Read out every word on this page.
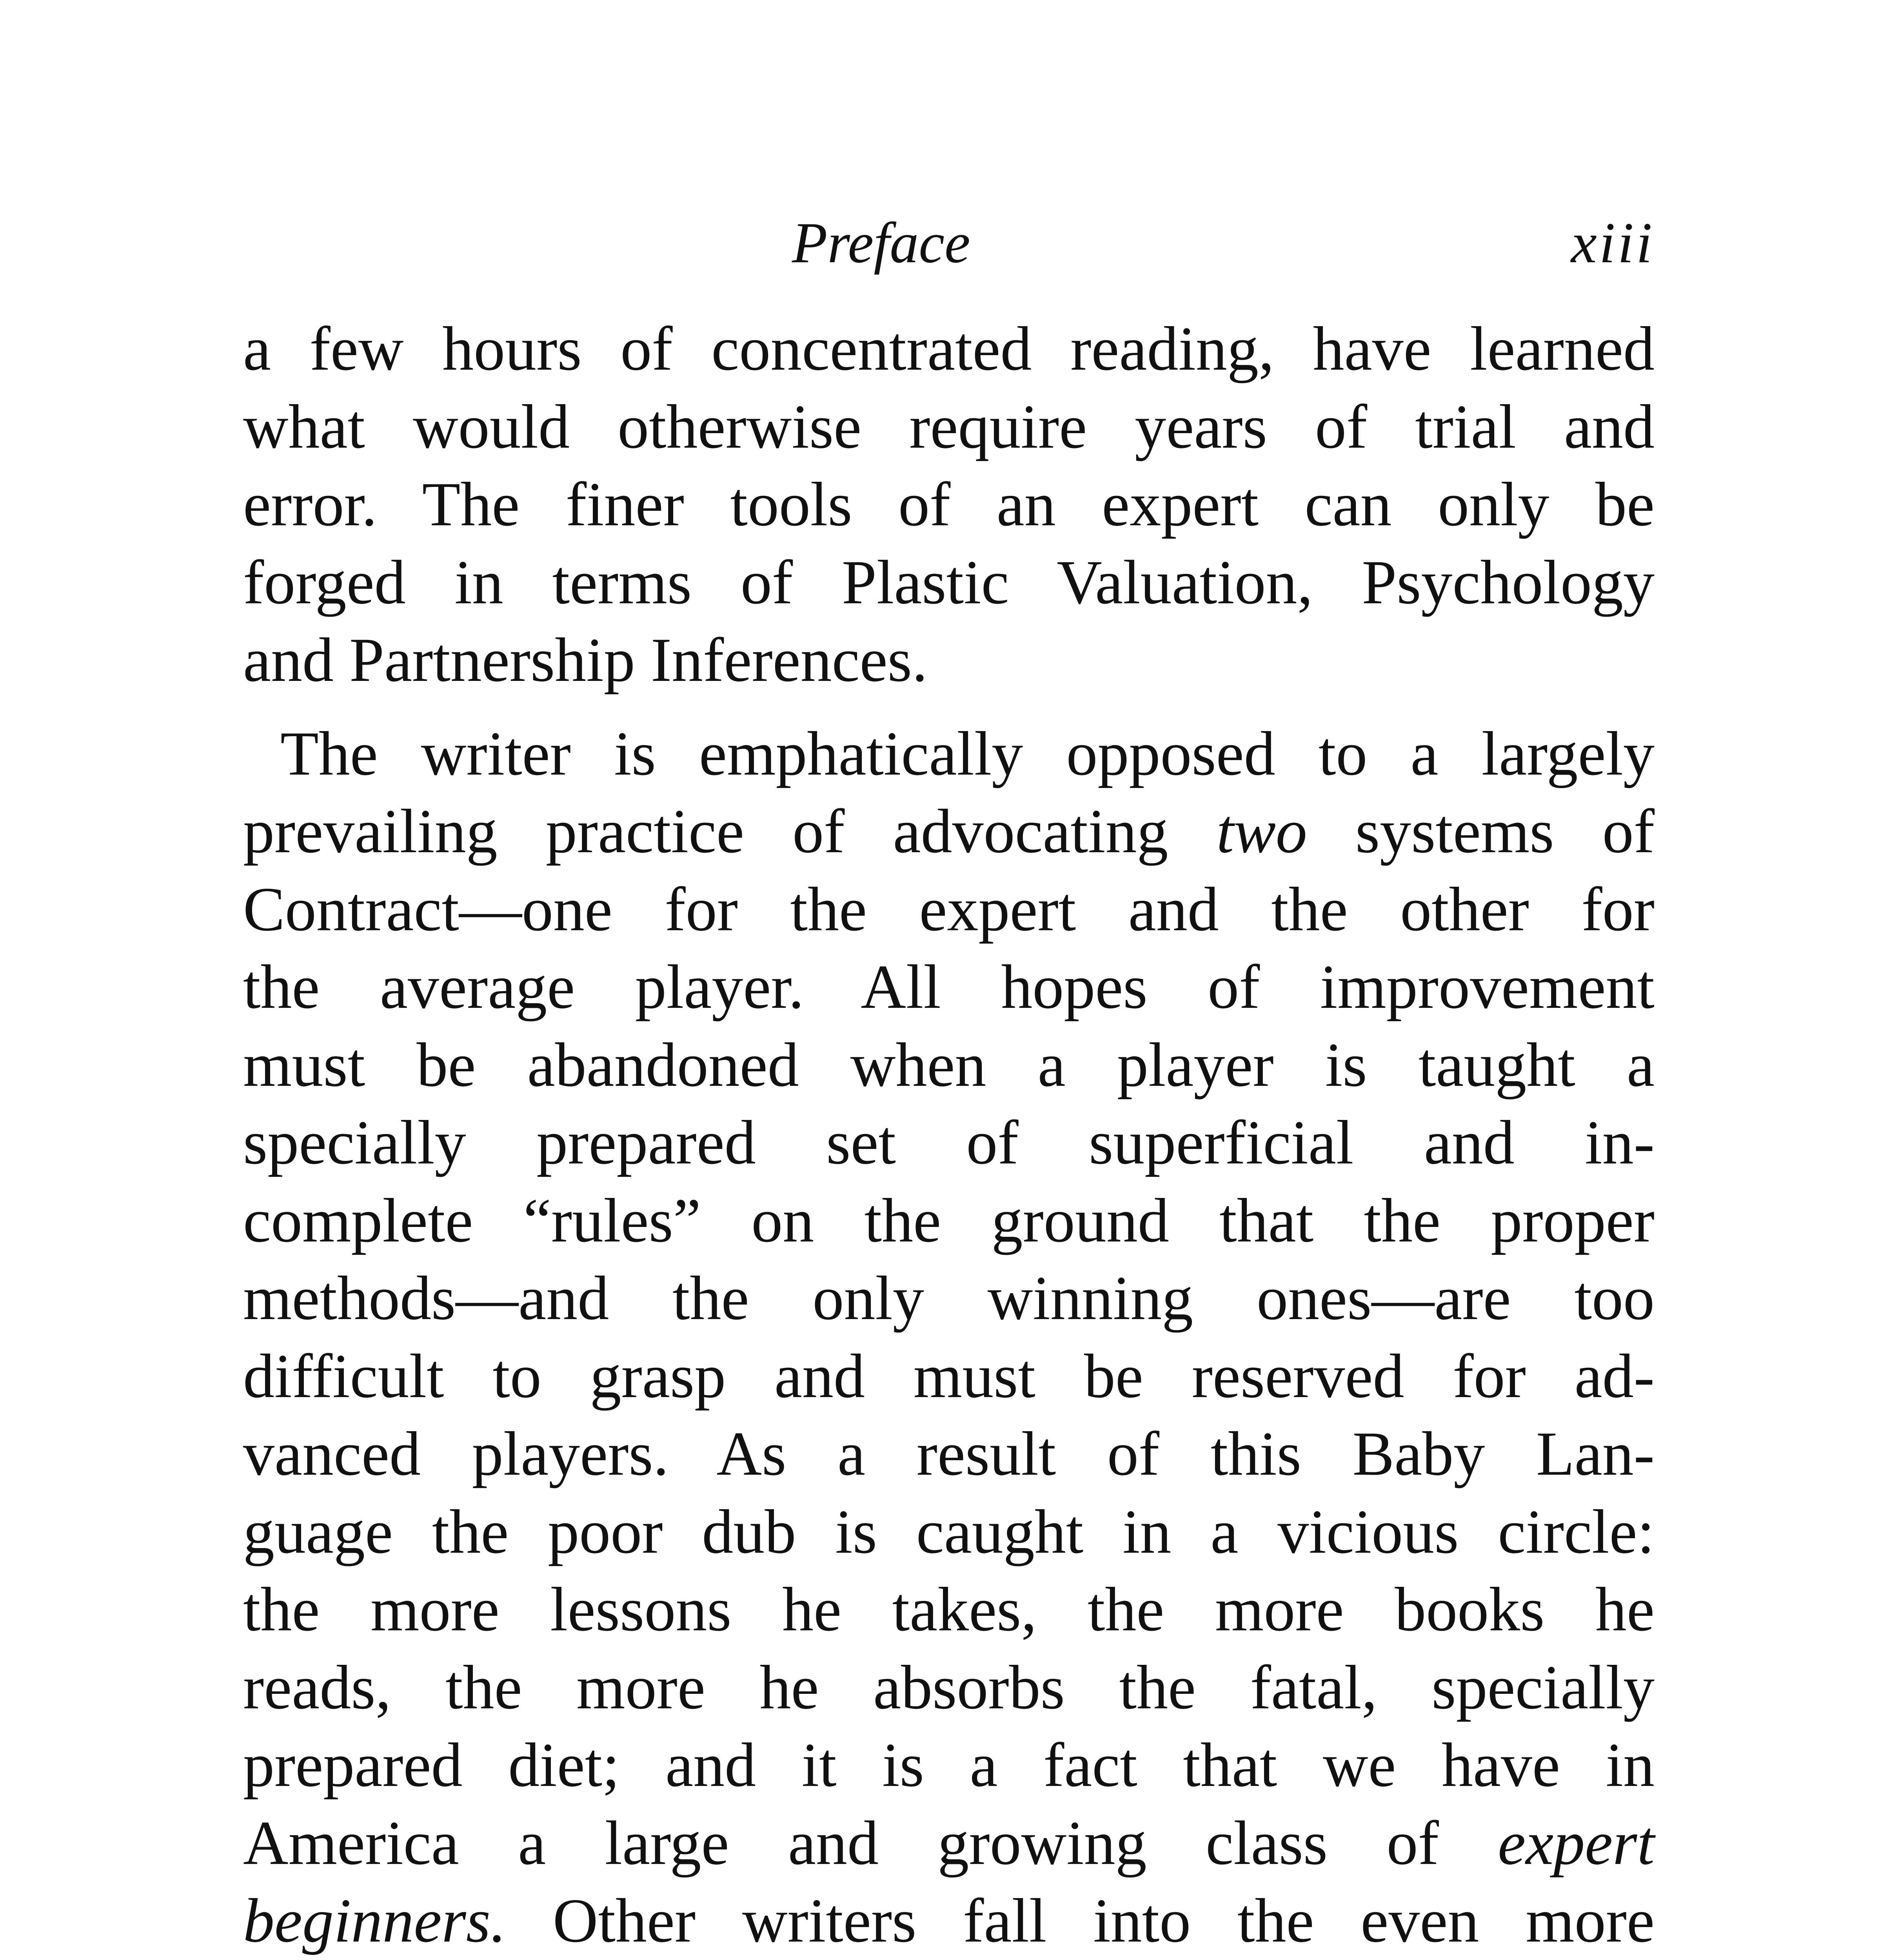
Preface	xiii
a few hours of concentrated reading, have learned
what would otherwise require years of trial and
error. The finer tools of an expert can only be
forged in terms of Plastic Valuation, Psychology
and Partnership Inferences.
The writer is emphatically opposed to a largely
prevailing practice of advocating two systems of
Contract—one for the expert and the other for
the average player. All hopes of improvement
must be abandoned when a player is taught a
specially prepared set of superficial and in-
complete “rules” on the ground that the proper
methods—and the only winning ones—are too
difficult to grasp and must be reserved for ad-
vanced players. As a result of this Baby Lan-
guage the poor dub is caught in a vicious circle:
the more lessons he takes, the more books he
reads, the more he absorbs the fatal, specially
prepared diet; and it is a fact that we have in
America a large and growing class of expert
beginners. Other writers fall into the even more
